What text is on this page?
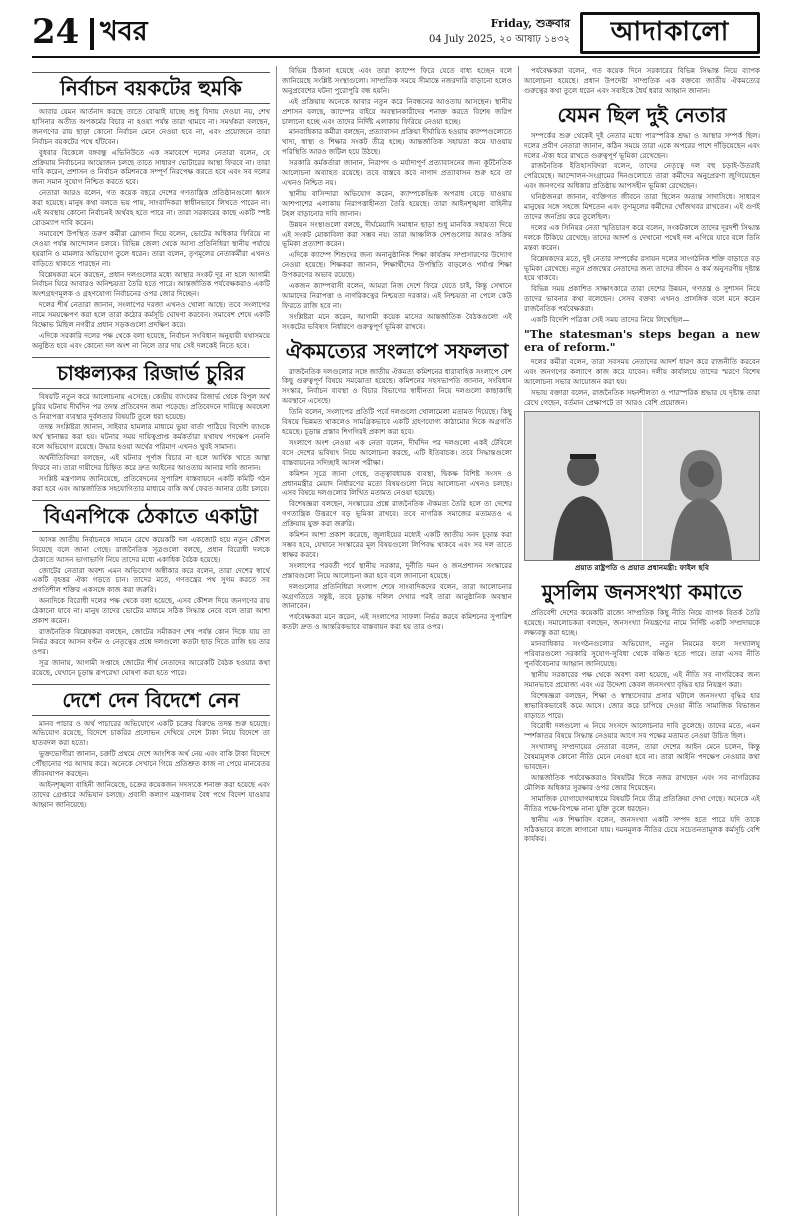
24 খবর	Friday, শুক্রবার
04 July 2025, ২০ আষাঢ় ১৪৩২	আদাকালো
নির্বাচন বয়কটের হুমকি

আবার যেমন আর্তনাদ করছে তাতে বোঝাই যাচ্ছে শুধু বিদায় দেওয়া নয়, শেখ হাসিনার অতীত অপকর্মের বিচার না হওয়া পর্যন্ত তারা থামবে না। সমর্থকরা বলছেন, জনগণের রায় ছাড়া কোনো নির্বাচন মেনে নেওয়া হবে না, এবং প্রয়োজনে তারা নির্বাচন বয়কটের পথে হাঁটবেন।

বুধবার বিকেলে বঙ্গবন্ধু এভিনিউতে এক সমাবেশে দলের নেতারা বলেন, যে প্রক্রিয়ায় নির্বাচনের আয়োজন চলছে তাতে সাধারণ ভোটারের আস্থা ফিরবে না। তারা দাবি করেন, প্রশাসন ও নির্বাচন কমিশনকে সম্পূর্ণ নিরপেক্ষ করতে হবে এবং সব দলের জন্য সমান সুযোগ নিশ্চিত করতে হবে।

নেতারা আরও বলেন, গত কয়েক বছরে দেশের গণতান্ত্রিক প্রতিষ্ঠানগুলো ধ্বংস করা হয়েছে। মানুষ কথা বলতে ভয় পায়, সাংবাদিকরা স্বাধীনভাবে লিখতে পারেন না। এই অবস্থায় কোনো নির্বাচনই অর্থবহ হতে পারে না। তারা সরকারের কাছে একটি স্পষ্ট রোডম্যাপ দাবি করেন।

সমাবেশে উপস্থিত তরুণ কর্মীরা স্লোগান দিয়ে বলেন, ভোটের অধিকার ফিরিয়ে না দেওয়া পর্যন্ত আন্দোলন চলবে। বিভিন্ন জেলা থেকে আসা প্রতিনিধিরা স্থানীয় পর্যায়ে হয়রানি ও মামলার অভিযোগ তুলে ধরেন। তারা বলেন, তৃণমূলের নেতাকর্মীরা এখনও বাড়িতে থাকতে পারছেন না।

বিশ্লেষকরা মনে করছেন, প্রধান দলগুলোর মধ্যে আস্থার সংকট দূর না হলে আগামী নির্বাচন ঘিরে আবারও অনিশ্চয়তা তৈরি হতে পারে। আন্তর্জাতিক পর্যবেক্ষকরাও একটি অংশগ্রহণমূলক ও গ্রহণযোগ্য নির্বাচনের ওপর জোর দিচ্ছেন।

দলের শীর্ষ নেতারা জানান, সংলাপের দরজা এখনও খোলা আছে। তবে সংলাপের নামে সময়ক্ষেপণ করা হলে তারা কঠোর কর্মসূচি ঘোষণা করবেন। সমাবেশ শেষে একটি বিক্ষোভ মিছিল নগরীর প্রধান সড়কগুলো প্রদক্ষিণ করে।

এদিকে সরকারি দলের পক্ষ থেকে বলা হয়েছে, নির্বাচন সংবিধান অনুযায়ী যথাসময়ে অনুষ্ঠিত হবে এবং কোনো দল অংশ না নিলে তার দায় সেই দলকেই নিতে হবে।

চাঞ্চল্যকর রিজার্ভ চুরির

বিষয়টি নতুন করে আলোচনায় এসেছে। কেন্দ্রীয় ব্যাংকের রিজার্ভ থেকে বিপুল অর্থ চুরির ঘটনায় দীর্ঘদিন পর তদন্ত প্রতিবেদন জমা পড়েছে। প্রতিবেদনে দায়িত্বে অবহেলা ও নিরাপত্তা ব্যবস্থার দুর্বলতার বিষয়টি তুলে ধরা হয়েছে।

তদন্ত সংশ্লিষ্টরা জানান, সাইবার হামলার মাধ্যমে ভুয়া বার্তা পাঠিয়ে বিদেশি ব্যাংকে অর্থ স্থানান্তর করা হয়। ঘটনার সময় দায়িত্বপ্রাপ্ত কর্মকর্তারা যথাযথ পদক্ষেপ নেননি বলে অভিযোগ রয়েছে। উদ্ধার হওয়া অর্থের পরিমাণ এখনও খুবই সামান্য।

অর্থনীতিবিদরা বলছেন, এই ঘটনার পূর্ণাঙ্গ বিচার না হলে আর্থিক খাতে আস্থা ফিরবে না। তারা দায়ীদের চিহ্নিত করে দ্রুত আইনের আওতায় আনার দাবি জানান।

সংশ্লিষ্ট মন্ত্রণালয় জানিয়েছে, প্রতিবেদনের সুপারিশ বাস্তবায়নে একটি কমিটি গঠন করা হবে এবং আন্তর্জাতিক সহযোগিতার মাধ্যমে বাকি অর্থ ফেরত আনার চেষ্টা চলবে।

বিএনপিকে ঠেকাতে একাট্টা

আসন্ন জাতীয় নির্বাচনকে সামনে রেখে কয়েকটি দল একজোট হয়ে নতুন কৌশল নিয়েছে বলে জানা গেছে। রাজনৈতিক সূত্রগুলো বলছে, প্রধান বিরোধী দলকে ঠেকাতে আসন ভাগাভাগি নিয়ে তাদের মধ্যে একাধিক বৈঠক হয়েছে।

জোটের নেতারা অবশ্য এমন অভিযোগ অস্বীকার করে বলেন, তারা দেশের স্বার্থে একটি বৃহত্তর ঐক্য গড়তে চান। তাদের মতে, গণতন্ত্রের পথ সুগম করতে সব প্রগতিশীল শক্তির একসঙ্গে কাজ করা জরুরি।

অন্যদিকে বিরোধী দলের পক্ষ থেকে বলা হয়েছে, এসব কৌশল দিয়ে জনগণের রায় ঠেকানো যাবে না। মানুষ তাদের ভোটের মাধ্যমে সঠিক সিদ্ধান্ত নেবে বলে তারা আশা প্রকাশ করেন।

রাজনৈতিক বিশ্লেষকরা বলছেন, জোটের সমীকরণ শেষ পর্যন্ত কোন দিকে যায় তা নির্ভর করবে আসন বণ্টন ও নেতৃত্বের প্রশ্নে দলগুলো কতটা ছাড় দিতে রাজি হয় তার ওপর।

সূত্র জানায়, আগামী সপ্তাহে জোটের শীর্ষ নেতাদের আরেকটি বৈঠক হওয়ার কথা রয়েছে, যেখানে চূড়ান্ত রূপরেখা ঘোষণা করা হতে পারে।

দেশে দেন বিদেশে নেন

মানব পাচার ও অর্থ পাচারের অভিযোগে একটি চক্রের বিরুদ্ধে তদন্ত শুরু হয়েছে। অভিযোগ রয়েছে, বিদেশে চাকরির প্রলোভন দেখিয়ে দেশে টাকা নিয়ে বিদেশে তা হাতবদল করা হতো।

ভুক্তভোগীরা জানান, চক্রটি প্রথমে দেশে আংশিক অর্থ নেয় এবং বাকি টাকা বিদেশে পৌঁছানোর পর আদায় করে। অনেকে সেখানে গিয়ে প্রতিশ্রুত কাজ না পেয়ে মানবেতর জীবনযাপন করছেন।

আইনশৃঙ্খলা বাহিনী জানিয়েছে, চক্রের কয়েকজন সদস্যকে শনাক্ত করা হয়েছে এবং তাদের গ্রেপ্তারে অভিযান চলছে। প্রবাসী কল্যাণ মন্ত্রণালয় বৈধ পথে বিদেশ যাওয়ার আহ্বান জানিয়েছে।

বিভিন্ন ঠিকানা হয়েছে এবং তারা ক্যাম্পে ফিরে যেতে বাধ্য হচ্ছেন বলে জানিয়েছে সংশ্লিষ্ট সংস্থাগুলো। সাম্প্রতিক সময়ে সীমান্তে নজরদারি বাড়ানো হলেও অনুপ্রবেশের ঘটনা পুরোপুরি বন্ধ হয়নি।

এই প্রক্রিয়ায় অনেকে আবার নতুন করে নিবন্ধনের আওতায় আসছেন। স্থানীয় প্রশাসন বলছে, ক্যাম্পের বাইরে অবস্থানকারীদের শনাক্ত করতে বিশেষ জরিপ চালানো হচ্ছে এবং তাদের নির্দিষ্ট এলাকায় ফিরিয়ে নেওয়া হচ্ছে।

মানবাধিকার কর্মীরা বলছেন, প্রত্যাবাসন প্রক্রিয়া দীর্ঘায়িত হওয়ায় ক্যাম্পগুলোতে খাদ্য, স্বাস্থ্য ও শিক্ষার সংকট তীব্র হচ্ছে। আন্তর্জাতিক সহায়তা কমে যাওয়ায় পরিস্থিতি আরও জটিল হয়ে উঠছে।

সরকারি কর্মকর্তারা জানান, নিরাপদ ও মর্যাদাপূর্ণ প্রত্যাবাসনের জন্য কূটনৈতিক আলোচনা অব্যাহত রয়েছে। তবে বাস্তবে কবে নাগাদ প্রত্যাবাসন শুরু হবে তা এখনও নিশ্চিত নয়।

স্থানীয় বাসিন্দারা অভিযোগ করেন, ক্যাম্পকেন্দ্রিক অপরাধ বেড়ে যাওয়ায় আশপাশের এলাকায় নিরাপত্তাহীনতা তৈরি হয়েছে। তারা আইনশৃঙ্খলা বাহিনীর টহল বাড়ানোর দাবি জানান।

উন্নয়ন সংস্থাগুলো বলছে, দীর্ঘমেয়াদি সমাধান ছাড়া শুধু মানবিক সহায়তা দিয়ে এই সংকট মোকাবিলা করা সম্ভব নয়। তারা আঞ্চলিক দেশগুলোর আরও সক্রিয় ভূমিকা প্রত্যাশা করেন।

এদিকে ক্যাম্পে শিশুদের জন্য অনানুষ্ঠানিক শিক্ষা কার্যক্রম সম্প্রসারণের উদ্যোগ নেওয়া হয়েছে। শিক্ষকরা জানান, শিক্ষার্থীদের উপস্থিতি বাড়লেও পর্যাপ্ত শিক্ষা উপকরণের অভাব রয়েছে।

একজন ক্যাম্পবাসী বলেন, আমরা নিজ দেশে ফিরে যেতে চাই, কিন্তু সেখানে আমাদের নিরাপত্তা ও নাগরিকত্বের নিশ্চয়তা দরকার। এই নিশ্চয়তা না পেলে কেউ ফিরতে রাজি হবে না।

সংশ্লিষ্টরা মনে করেন, আগামী কয়েক মাসের আন্তর্জাতিক বৈঠকগুলো এই সংকটের ভবিষ্যৎ নির্ধারণে গুরুত্বপূর্ণ ভূমিকা রাখবে।

ঐকমত্যের সংলাপে সফলতা

রাজনৈতিক দলগুলোর সঙ্গে জাতীয় ঐকমত্য কমিশনের ধারাবাহিক সংলাপে বেশ কিছু গুরুত্বপূর্ণ বিষয়ে সমঝোতা হয়েছে। কমিশনের সহসভাপতি জানান, সংবিধান সংস্কার, নির্বাচন ব্যবস্থা ও বিচার বিভাগের স্বাধীনতা নিয়ে দলগুলো কাছাকাছি অবস্থানে এসেছে।

তিনি বলেন, সংলাপের প্রতিটি পর্বে দলগুলো খোলামেলা মতামত দিয়েছে। কিছু বিষয়ে ভিন্নমত থাকলেও সামগ্রিকভাবে একটি গ্রহণযোগ্য কাঠামোর দিকে অগ্রগতি হয়েছে। চূড়ান্ত প্রস্তাব শিগগিরই প্রকাশ করা হবে।

সংলাপে অংশ নেওয়া এক নেতা বলেন, দীর্ঘদিন পর দলগুলো একই টেবিলে বসে দেশের ভবিষ্যৎ নিয়ে আলোচনা করছে, এটি ইতিবাচক। তবে সিদ্ধান্তগুলো বাস্তবায়নের সদিচ্ছাই আসল পরীক্ষা।

কমিশন সূত্রে জানা গেছে, তত্ত্বাবধায়ক ব্যবস্থা, দ্বিকক্ষ বিশিষ্ট সংসদ ও প্রধানমন্ত্রীর মেয়াদ নির্ধারণের মতো বিষয়গুলো নিয়ে আলোচনা এখনও চলছে। এসব বিষয়ে দলগুলোর লিখিত মতামত নেওয়া হয়েছে।

বিশেষজ্ঞরা বলছেন, সংস্কারের প্রশ্নে রাজনৈতিক ঐকমত্য তৈরি হলে তা দেশের গণতান্ত্রিক উত্তরণে বড় ভূমিকা রাখবে। তবে নাগরিক সমাজের মতামতও এ প্রক্রিয়ায় যুক্ত করা জরুরি।

কমিশন আশা প্রকাশ করেছে, জুলাইয়ের মধ্যেই একটি জাতীয় সনদ চূড়ান্ত করা সম্ভব হবে, যেখানে সংস্কারের মূল বিষয়গুলো লিপিবদ্ধ থাকবে এবং সব দল তাতে স্বাক্ষর করবে।

সংলাপের পরবর্তী পর্বে স্থানীয় সরকার, দুর্নীতি দমন ও জনপ্রশাসন সংস্কারের প্রস্তাবগুলো নিয়ে আলোচনা করা হবে বলে জানানো হয়েছে।

দলগুলোর প্রতিনিধিরা সংলাপ শেষে সাংবাদিকদের বলেন, তারা আলোচনার অগ্রগতিতে সন্তুষ্ট, তবে চূড়ান্ত দলিল দেখার পরই তারা আনুষ্ঠানিক অবস্থান জানাবেন।

পর্যবেক্ষকরা মনে করেন, এই সংলাপের সাফল্য নির্ভর করবে কমিশনের সুপারিশ কতটা দ্রুত ও আন্তরিকভাবে বাস্তবায়ন করা হয় তার ওপর।

পর্যবেক্ষকরা বলেন, গত কয়েক দিনে সরকারের বিভিন্ন সিদ্ধান্ত নিয়ে ব্যাপক আলোচনা হয়েছে। প্রধান উপদেষ্টা সাম্প্রতিক এক বক্তব্যে জাতীয় ঐকমত্যের গুরুত্বের কথা তুলে ধরেন এবং সবাইকে ধৈর্য ধরার আহ্বান জানান।

যেমন ছিল দুই নেতার

সম্পর্কের শুরু থেকেই দুই নেতার মধ্যে পারস্পরিক শ্রদ্ধা ও আস্থার সম্পর্ক ছিল। দলের প্রবীণ নেতারা জানান, কঠিন সময়ে তারা একে অপরের পাশে দাঁড়িয়েছেন এবং দলের ঐক্য ধরে রাখতে গুরুত্বপূর্ণ ভূমিকা রেখেছেন।

রাজনৈতিক ইতিহাসবিদরা বলেন, তাদের নেতৃত্বে দল বহু চড়াই-উতরাই পেরিয়েছে। আন্দোলন-সংগ্রামের দিনগুলোতে তারা কর্মীদের অনুপ্রেরণা জুগিয়েছেন এবং জনগণের অধিকার প্রতিষ্ঠায় আপসহীন ভূমিকা রেখেছেন।

ঘনিষ্ঠজনরা জানান, ব্যক্তিগত জীবনে তারা ছিলেন অত্যন্ত সাদাসিধে। সাধারণ মানুষের সঙ্গে সহজে মিশতেন এবং তৃণমূলের কর্মীদের খোঁজখবর রাখতেন। এই গুণই তাদের জনপ্রিয় করে তুলেছিল।

দলের এক সিনিয়র নেতা স্মৃতিচারণ করে বলেন, সংকটকালে তাদের দূরদর্শী সিদ্ধান্ত দলকে টিকিয়ে রেখেছে। তাদের আদর্শ ও দেখানো পথেই দল এগিয়ে যাবে বলে তিনি মন্তব্য করেন।

বিশ্লেষকদের মতে, দুই নেতার সম্পর্কের রসায়ন দলের সাংগঠনিক শক্তি বাড়াতে বড় ভূমিকা রেখেছে। নতুন প্রজন্মের নেতাদের জন্য তাদের জীবন ও কর্ম অনুসরণীয় দৃষ্টান্ত হয়ে থাকবে।

বিভিন্ন সময় প্রকাশিত সাক্ষাৎকারে তারা দেশের উন্নয়ন, গণতন্ত্র ও সুশাসন নিয়ে তাদের ভাবনার কথা বলেছেন। সেসব বক্তব্য এখনও প্রাসঙ্গিক বলে মনে করেন রাজনৈতিক পর্যবেক্ষকরা।

একটি বিদেশি পত্রিকা সেই সময় তাদের নিয়ে লিখেছিল—

"The statesman's steps began a new era of reform."

দলের কর্মীরা বলেন, তারা সবসময় নেতাদের আদর্শ ধারণ করে রাজনীতি করবেন এবং জনগণের কল্যাণে কাজ করে যাবেন। দলীয় কার্যালয়ে তাদের স্মরণে বিশেষ আলোচনা সভার আয়োজন করা হয়।

সভায় বক্তারা বলেন, রাজনৈতিক সহনশীলতা ও পারস্পরিক শ্রদ্ধার যে দৃষ্টান্ত তারা রেখে গেছেন, বর্তমান প্রেক্ষাপটে তা আরও বেশি প্রয়োজন।

প্রয়াত রাষ্ট্রপতি ও প্রয়াত প্রধানমন্ত্রী: ফাইল ছবি
মুসলিম জনসংখ্যা কমাতে

প্রতিবেশী দেশের কয়েকটি রাজ্যে সাম্প্রতিক কিছু নীতি নিয়ে ব্যাপক বিতর্ক তৈরি হয়েছে। সমালোচকরা বলছেন, জনসংখ্যা নিয়ন্ত্রণের নামে নির্দিষ্ট একটি সম্প্রদায়কে লক্ষ্যবস্তু করা হচ্ছে।

মানবাধিকার সংগঠনগুলোর অভিযোগ, নতুন নিয়মের ফলে সংখ্যালঘু পরিবারগুলো সরকারি সুযোগ-সুবিধা থেকে বঞ্চিত হতে পারে। তারা এসব নীতি পুনর্বিবেচনার আহ্বান জানিয়েছে।

স্থানীয় সরকারের পক্ষ থেকে অবশ্য বলা হয়েছে, এই নীতি সব নাগরিকের জন্য সমানভাবে প্রযোজ্য এবং এর উদ্দেশ্য কেবল জনসংখ্যা বৃদ্ধির হার নিয়ন্ত্রণ করা।

বিশেষজ্ঞরা বলছেন, শিক্ষা ও স্বাস্থ্যসেবার প্রসার ঘটালে জনসংখ্যা বৃদ্ধির হার স্বাভাবিকভাবেই কমে আসে। জোর করে চাপিয়ে দেওয়া নীতি সামাজিক বিভাজন বাড়াতে পারে।

বিরোধী দলগুলো এ নিয়ে সংসদে আলোচনার দাবি তুলেছে। তাদের মতে, এমন স্পর্শকাতর বিষয়ে সিদ্ধান্ত নেওয়ার আগে সব পক্ষের মতামত নেওয়া উচিত ছিল।

সংখ্যালঘু সম্প্রদায়ের নেতারা বলেন, তারা দেশের আইন মেনে চলেন, কিন্তু বৈষম্যমূলক কোনো নীতি মেনে নেওয়া হবে না। তারা আইনি পদক্ষেপ নেওয়ার কথা ভাবছেন।

আন্তর্জাতিক পর্যবেক্ষকরাও বিষয়টির দিকে নজর রাখছেন এবং সব নাগরিকের মৌলিক অধিকার সুরক্ষার ওপর জোর দিয়েছেন।

সামাজিক যোগাযোগমাধ্যমে বিষয়টি নিয়ে তীব্র প্রতিক্রিয়া দেখা গেছে। অনেকে এই নীতির পক্ষে-বিপক্ষে নানা যুক্তি তুলে ধরছেন।

স্থানীয় এক শিক্ষাবিদ বলেন, জনসংখ্যা একটি সম্পদ হতে পারে যদি তাকে সঠিকভাবে কাজে লাগানো যায়। দমনমূলক নীতির চেয়ে সচেতনতামূলক কর্মসূচি বেশি কার্যকর।
